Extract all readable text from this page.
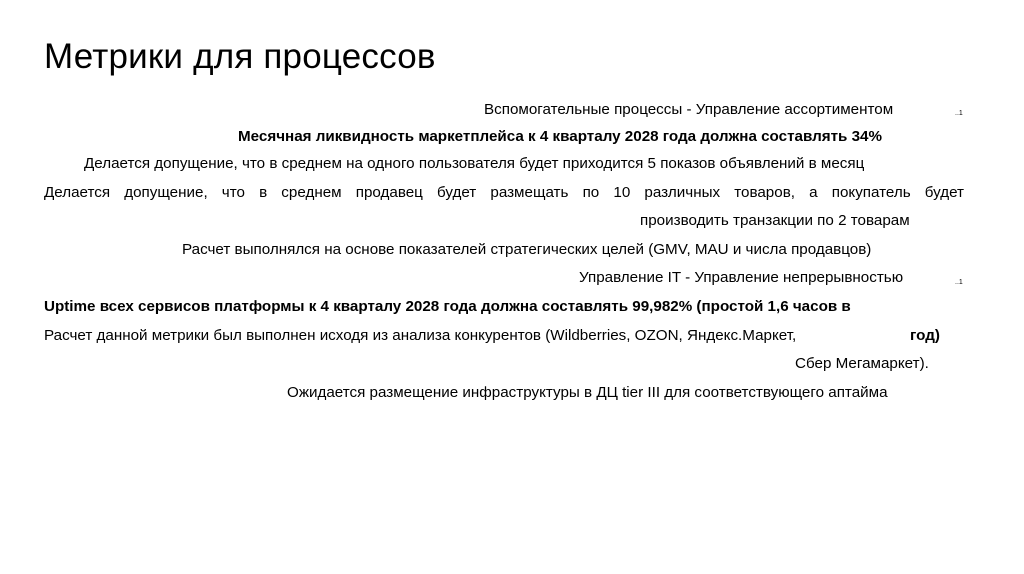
Метрики для процессов
Вспомогательные процессы - Управление ассортиментом	..1
Месячная ликвидность маркетплейса к 4 кварталу 2028 года должна составлять 34%
Делается допущение, что в среднем на одного пользователя будет приходится 5 показов объявлений в месяц
Делается допущение, что в среднем продавец будет размещать по 10 различных товаров, а покупатель будет
производить транзакции по 2 товарам
Расчет выполнялся на основе показателей стратегических целей (GMV, MAU и числа продавцов)
Управление IT - Управление непрерывностью	..1
Uptime всех сервисов платформы к 4 кварталу 2028 года должна составлять 99,982% (простой 1,6 часов в
Расчет данной метрики был выполнен исходя из анализа конкурентов (Wildberries, OZON, Яндекс.Маркет,	год)
Сбер Мегамаркет).
Ожидается размещение инфраструктуры в ДЦ tier III для соответствующего аптайма
